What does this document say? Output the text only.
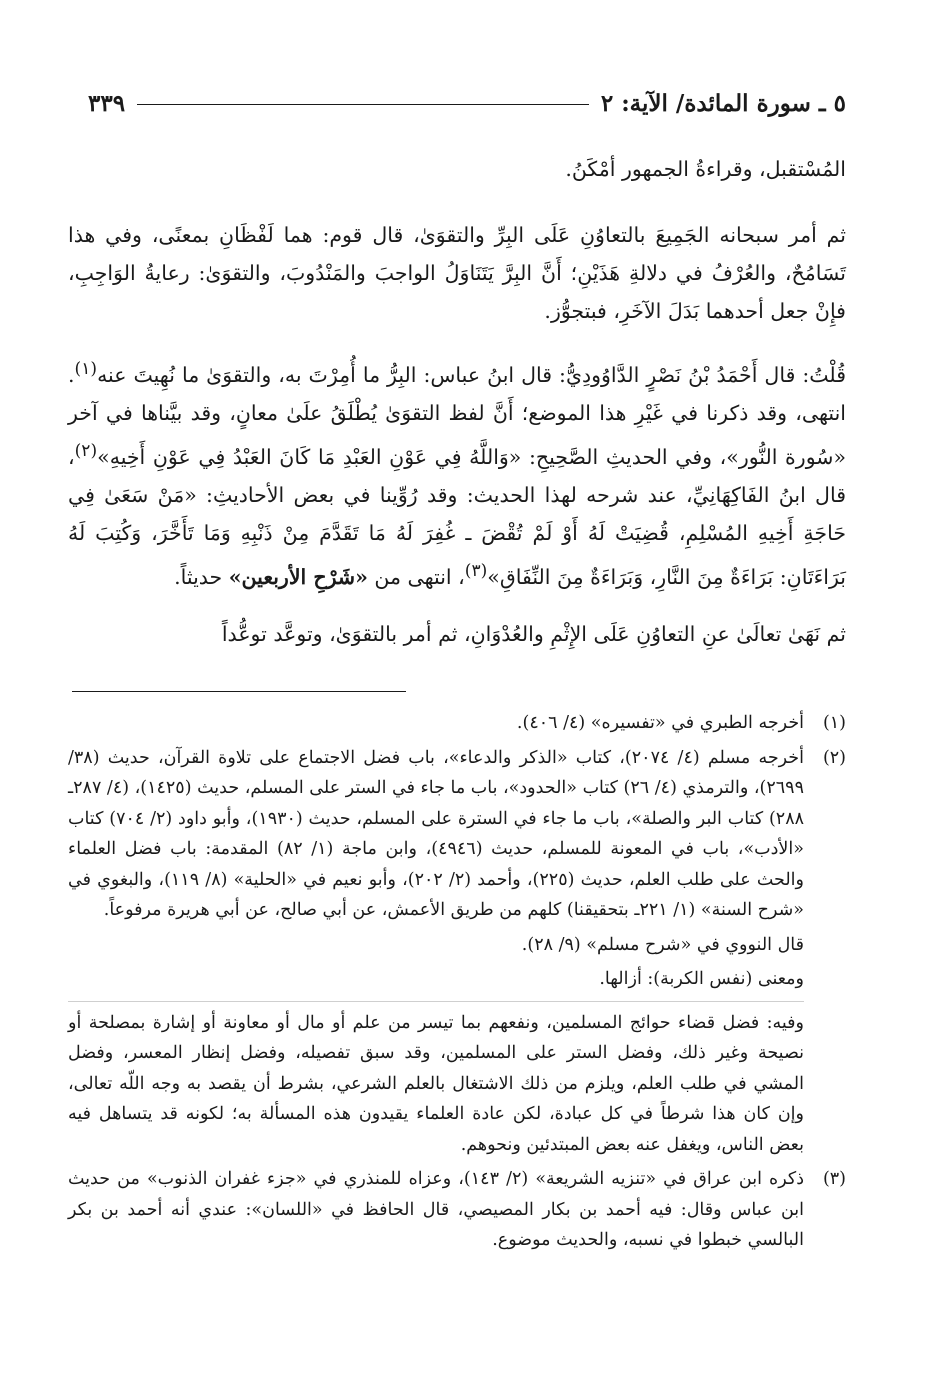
٥ ـ سورة المائدة/ الآية: ٢
٣٣٩

المُسْتقبل، وقراءةُ الجمهور أمْكَنُ.

ثم أمر سبحانه الجَمِيعَ بالتعاوُنِ عَلَى البِرِّ والتقوَىٰ، قال قوم: هما لَفْظَانِ بمعنًى، وفي هذا تَسَامُحٌ، والعُرْفُ في دلالةِ هَذَيْنِ؛ أَنَّ البِرَّ يَتَنَاوَلُ الواجبَ والمَنْدُوبَ، والتقوَىٰ: رعايةُ الوَاجِبِ، فإِنْ جعل أحدهما بَدَلَ الآخَرِ، فبتجوُّز.

قُلْتُ: قال أَحْمَدُ بْنُ نَصْرٍ الدَّاوُودِيُّ: قال ابنُ عباس: البِرُّ ما أُمِرْتَ به، والتقوَىٰ ما نُهِيتَ عنه$^{(١)}$. انتهى، وقد ذكرنا في غَيْرِ هذا الموضع؛ أَنَّ لفظ التقوَىٰ يُطْلَقُ علَىٰ معانٍ، وقد بيَّناها في آخر «سُورة النُّور»، وفي الحديثِ الصَّحِيحِ: «وَاللَّهُ فِي عَوْنِ العَبْدِ مَا كَانَ العَبْدُ فِي عَوْنِ أَخِيهِ»$^{(٢)}$، قال ابنُ الفَاكِهَانِيِّ، عند شرحه لهذا الحديث: وقد رُوِّينا في بعض الأحاديثِ: «مَنْ سَعَىٰ فِي حَاجَةِ أَخِيهِ المُسْلِمِ، قُضِيَتْ لَهُ أَوْ لَمْ تُقْضَ ـ غُفِرَ لَهُ مَا تَقَدَّمَ مِنْ ذَنْبِهِ وَمَا تَأَخَّرَ، وَكُتِبَ لَهُ بَرَاءَتَانِ: بَرَاءَةٌ مِنَ النَّارِ، وَبَرَاءَةٌ مِنَ النِّفَاقِ»$^{(٣)}$، انتهى من «شَرْحِ الأربعين» حديثاً.

ثم نَهَىٰ تعالَىٰ عنِ التعاوُنِ عَلَى الإِثْمِ والعُدْوَانِ، ثم أمر بالتقوَىٰ، وتوعَّد توعُّداً

(١)
أخرجه الطبري في «تفسيره» (٤/ ٤٠٦).
(٢)
أخرجه مسلم (٤/ ٢٠٧٤)، كتاب «الذكر والدعاء»، باب فضل الاجتماع على تلاوة القرآن، حديث (٣٨/ ٢٦٩٩)، والترمذي (٤/ ٢٦) كتاب «الحدود»، باب ما جاء في الستر على المسلم، حديث (١٤٢٥)، (٤/ ٢٨٧ـ ٢٨٨) كتاب البر والصلة»، باب ما جاء في السترة على المسلم، حديث (١٩٣٠)، وأبو داود (٢/ ٧٠٤) كتاب «الأدب»، باب في المعونة للمسلم، حديث (٤٩٤٦)، وابن ماجة (١/ ٨٢) المقدمة: باب فضل العلماء والحث على طلب العلم، حديث (٢٢٥)، وأحمد (٢/ ٢٠٢)، وأبو نعيم في «الحلية» (٨/ ١١٩)، والبغوي في «شرح السنة» (١/ ٢٢١ـ بتحقيقنا) كلهم من طريق الأعمش، عن أبي صالح، عن أبي هريرة مرفوعاً.
قال النووي في «شرح مسلم» (٩/ ٢٨).
ومعنى (نفس الكربة): أزالها.
وفيه: فضل قضاء حوائج المسلمين، ونفعهم بما تيسر من علم أو مال أو معاونة أو إشارة بمصلحة أو نصيحة وغير ذلك، وفضل الستر على المسلمين، وقد سبق تفصيله، وفضل إنظار المعسر، وفضل المشي في طلب العلم، ويلزم من ذلك الاشتغال بالعلم الشرعي، بشرط أن يقصد به وجه اللّه تعالى، وإن كان هذا شرطاً في كل عبادة، لكن عادة العلماء يقيدون هذه المسألة به؛ لكونه قد يتساهل فيه بعض الناس، ويغفل عنه بعض المبتدئين ونحوهم.
(٣)
ذكره ابن عراق في «تنزيه الشريعة» (٢/ ١٤٣)، وعزاه للمنذري في «جزء غفران الذنوب» من حديث ابن عباس وقال: فيه أحمد بن بكار المصيصي، قال الحافظ في «اللسان»: عندي أنه أحمد بن بكر البالسي خبطوا في نسبه، والحديث موضوع.
